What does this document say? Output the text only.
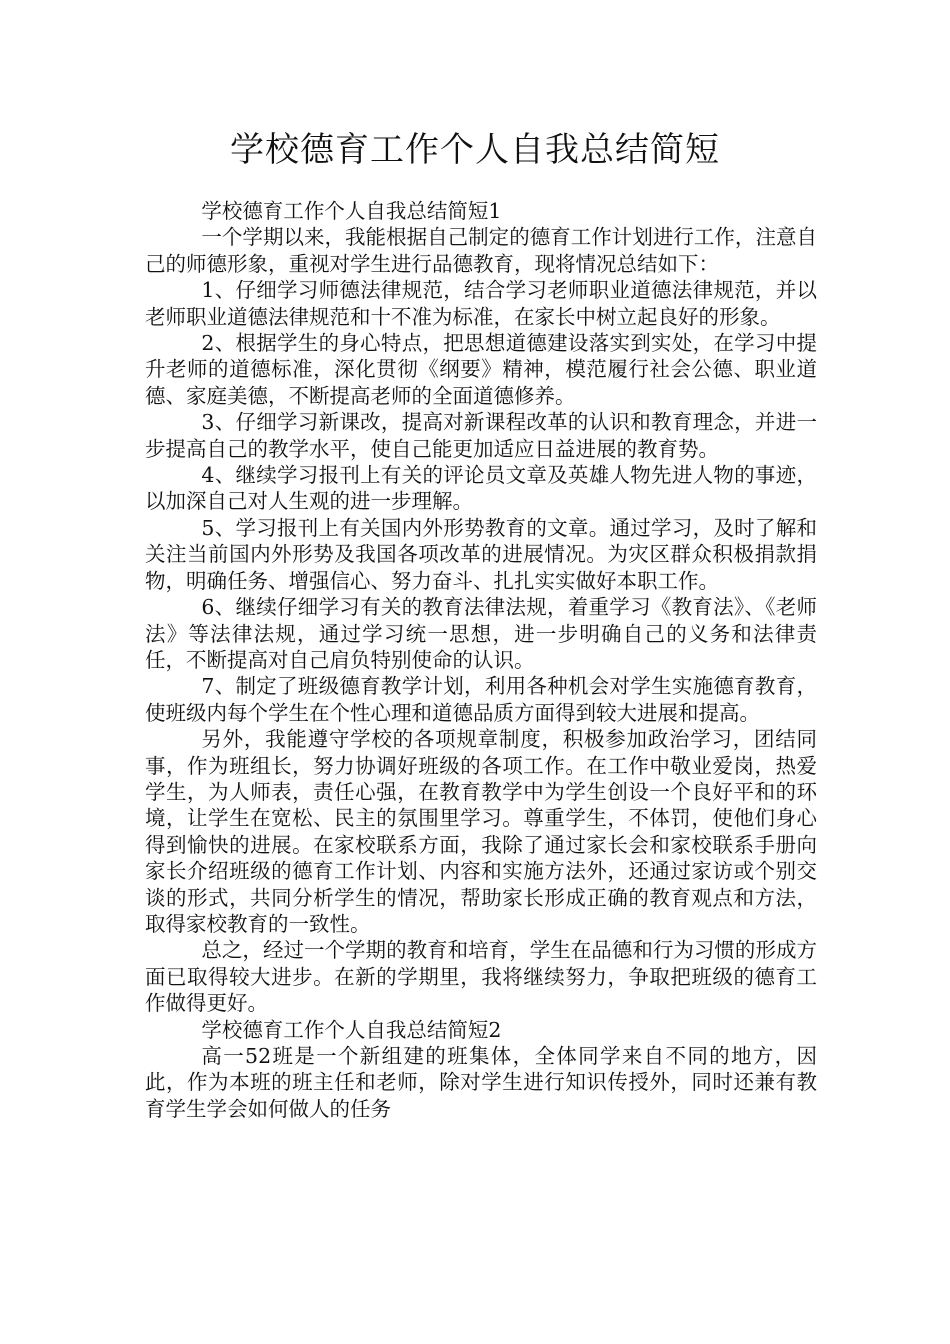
学校德育工作个人自我总结简短

学校德育工作个人自我总结简短1

一个学期以来，我能根据自己制定的德育工作计划进行工作，注意自己的师德形象，重视对学生进行品德教育，现将情况总结如下：

1、仔细学习师德法律规范，结合学习老师职业道德法律规范，并以老师职业道德法律规范和十不准为标准，在家长中树立起良好的形象。

2、根据学生的身心特点，把思想道德建设落实到实处，在学习中提升老师的道德标准，深化贯彻《纲要》精神，模范履行社会公德、职业道德、家庭美德，不断提高老师的全面道德修养。

3、仔细学习新课改，提高对新课程改革的认识和教育理念，并进一步提高自己的教学水平，使自己能更加适应日益进展的教育势。

4、继续学习报刊上有关的评论员文章及英雄人物先进人物的事迹，以加深自己对人生观的进一步理解。

5、学习报刊上有关国内外形势教育的文章。通过学习，及时了解和关注当前国内外形势及我国各项改革的进展情况。为灾区群众积极捐款捐物，明确任务、增强信心、努力奋斗、扎扎实实做好本职工作。

6、继续仔细学习有关的教育法律法规，着重学习《教育法》、《老师法》等法律法规，通过学习统一思想，进一步明确自己的义务和法律责任，不断提高对自己肩负特别使命的认识。

7、制定了班级德育教学计划，利用各种机会对学生实施德育教育，使班级内每个学生在个性心理和道德品质方面得到较大进展和提高。

另外，我能遵守学校的各项规章制度，积极参加政治学习，团结同事，作为班组长，努力协调好班级的各项工作。在工作中敬业爱岗，热爱学生，为人师表，责任心强，在教育教学中为学生创设一个良好平和的环境，让学生在宽松、民主的氛围里学习。尊重学生，不体罚，使他们身心得到愉快的进展。在家校联系方面，我除了通过家长会和家校联系手册向家长介绍班级的德育工作计划、内容和实施方法外，还通过家访或个别交谈的形式，共同分析学生的情况，帮助家长形成正确的教育观点和方法，取得家校教育的一致性。

总之，经过一个学期的教育和培育，学生在品德和行为习惯的形成方面已取得较大进步。在新的学期里，我将继续努力，争取把班级的德育工作做得更好。

学校德育工作个人自我总结简短2

高一52班是一个新组建的班集体，全体同学来自不同的地方，因此，作为本班的班主任和老师，除对学生进行知识传授外，同时还兼有教育学生学会如何做人的任务
